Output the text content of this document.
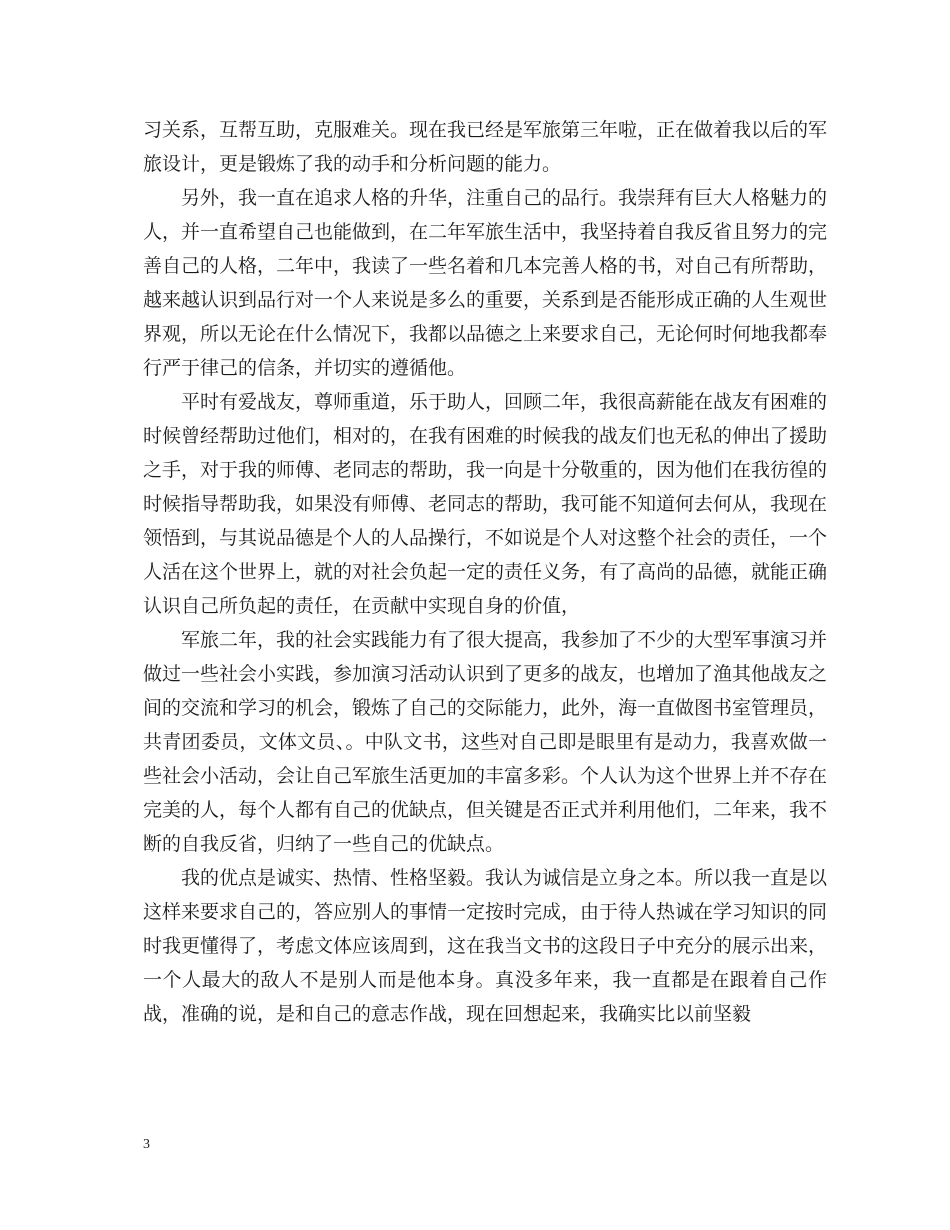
习关系，互帮互助，克服难关。现在我已经是军旅第三年啦，正在做着我以后的军旅设计，更是锻炼了我的动手和分析问题的能力。

另外，我一直在追求人格的升华，注重自己的品行。我崇拜有巨大人格魅力的人，并一直希望自己也能做到，在二年军旅生活中，我坚持着自我反省且努力的完善自己的人格，二年中，我读了一些名着和几本完善人格的书，对自己有所帮助，越来越认识到品行对一个人来说是多么的重要，关系到是否能形成正确的人生观世界观，所以无论在什么情况下，我都以品德之上来要求自己，无论何时何地我都奉行严于律己的信条，并切实的遵循他。

平时有爱战友，尊师重道，乐于助人，回顾二年，我很高薪能在战友有困难的时候曾经帮助过他们，相对的，在我有困难的时候我的战友们也无私的伸出了援助之手，对于我的师傅、老同志的帮助，我一向是十分敬重的，因为他们在我彷徨的时候指导帮助我，如果没有师傅、老同志的帮助，我可能不知道何去何从，我现在领悟到，与其说品德是个人的人品操行，不如说是个人对这整个社会的责任，一个人活在这个世界上，就的对社会负起一定的责任义务，有了高尚的品德，就能正确认识自己所负起的责任，在贡献中实现自身的价值，

军旅二年，我的社会实践能力有了很大提高，我参加了不少的大型军事演习并做过一些社会小实践，参加演习活动认识到了更多的战友，也增加了渔其他战友之间的交流和学习的机会，锻炼了自己的交际能力，此外，海一直做图书室管理员，共青团委员，文体文员、。中队文书，这些对自己即是眼里有是动力，我喜欢做一些社会小活动，会让自己军旅生活更加的丰富多彩。个人认为这个世界上并不存在完美的人，每个人都有自己的优缺点，但关键是否正式并利用他们，二年来，我不断的自我反省，归纳了一些自己的优缺点。

我的优点是诚实、热情、性格坚毅。我认为诚信是立身之本。所以我一直是以这样来要求自己的，答应别人的事情一定按时完成，由于待人热诚在学习知识的同时我更懂得了，考虑文体应该周到，这在我当文书的这段日子中充分的展示出来，一个人最大的敌人不是别人而是他本身。真没多年来，我一直都是在跟着自己作战，准确的说，是和自己的意志作战，现在回想起来，我确实比以前坚毅

3
